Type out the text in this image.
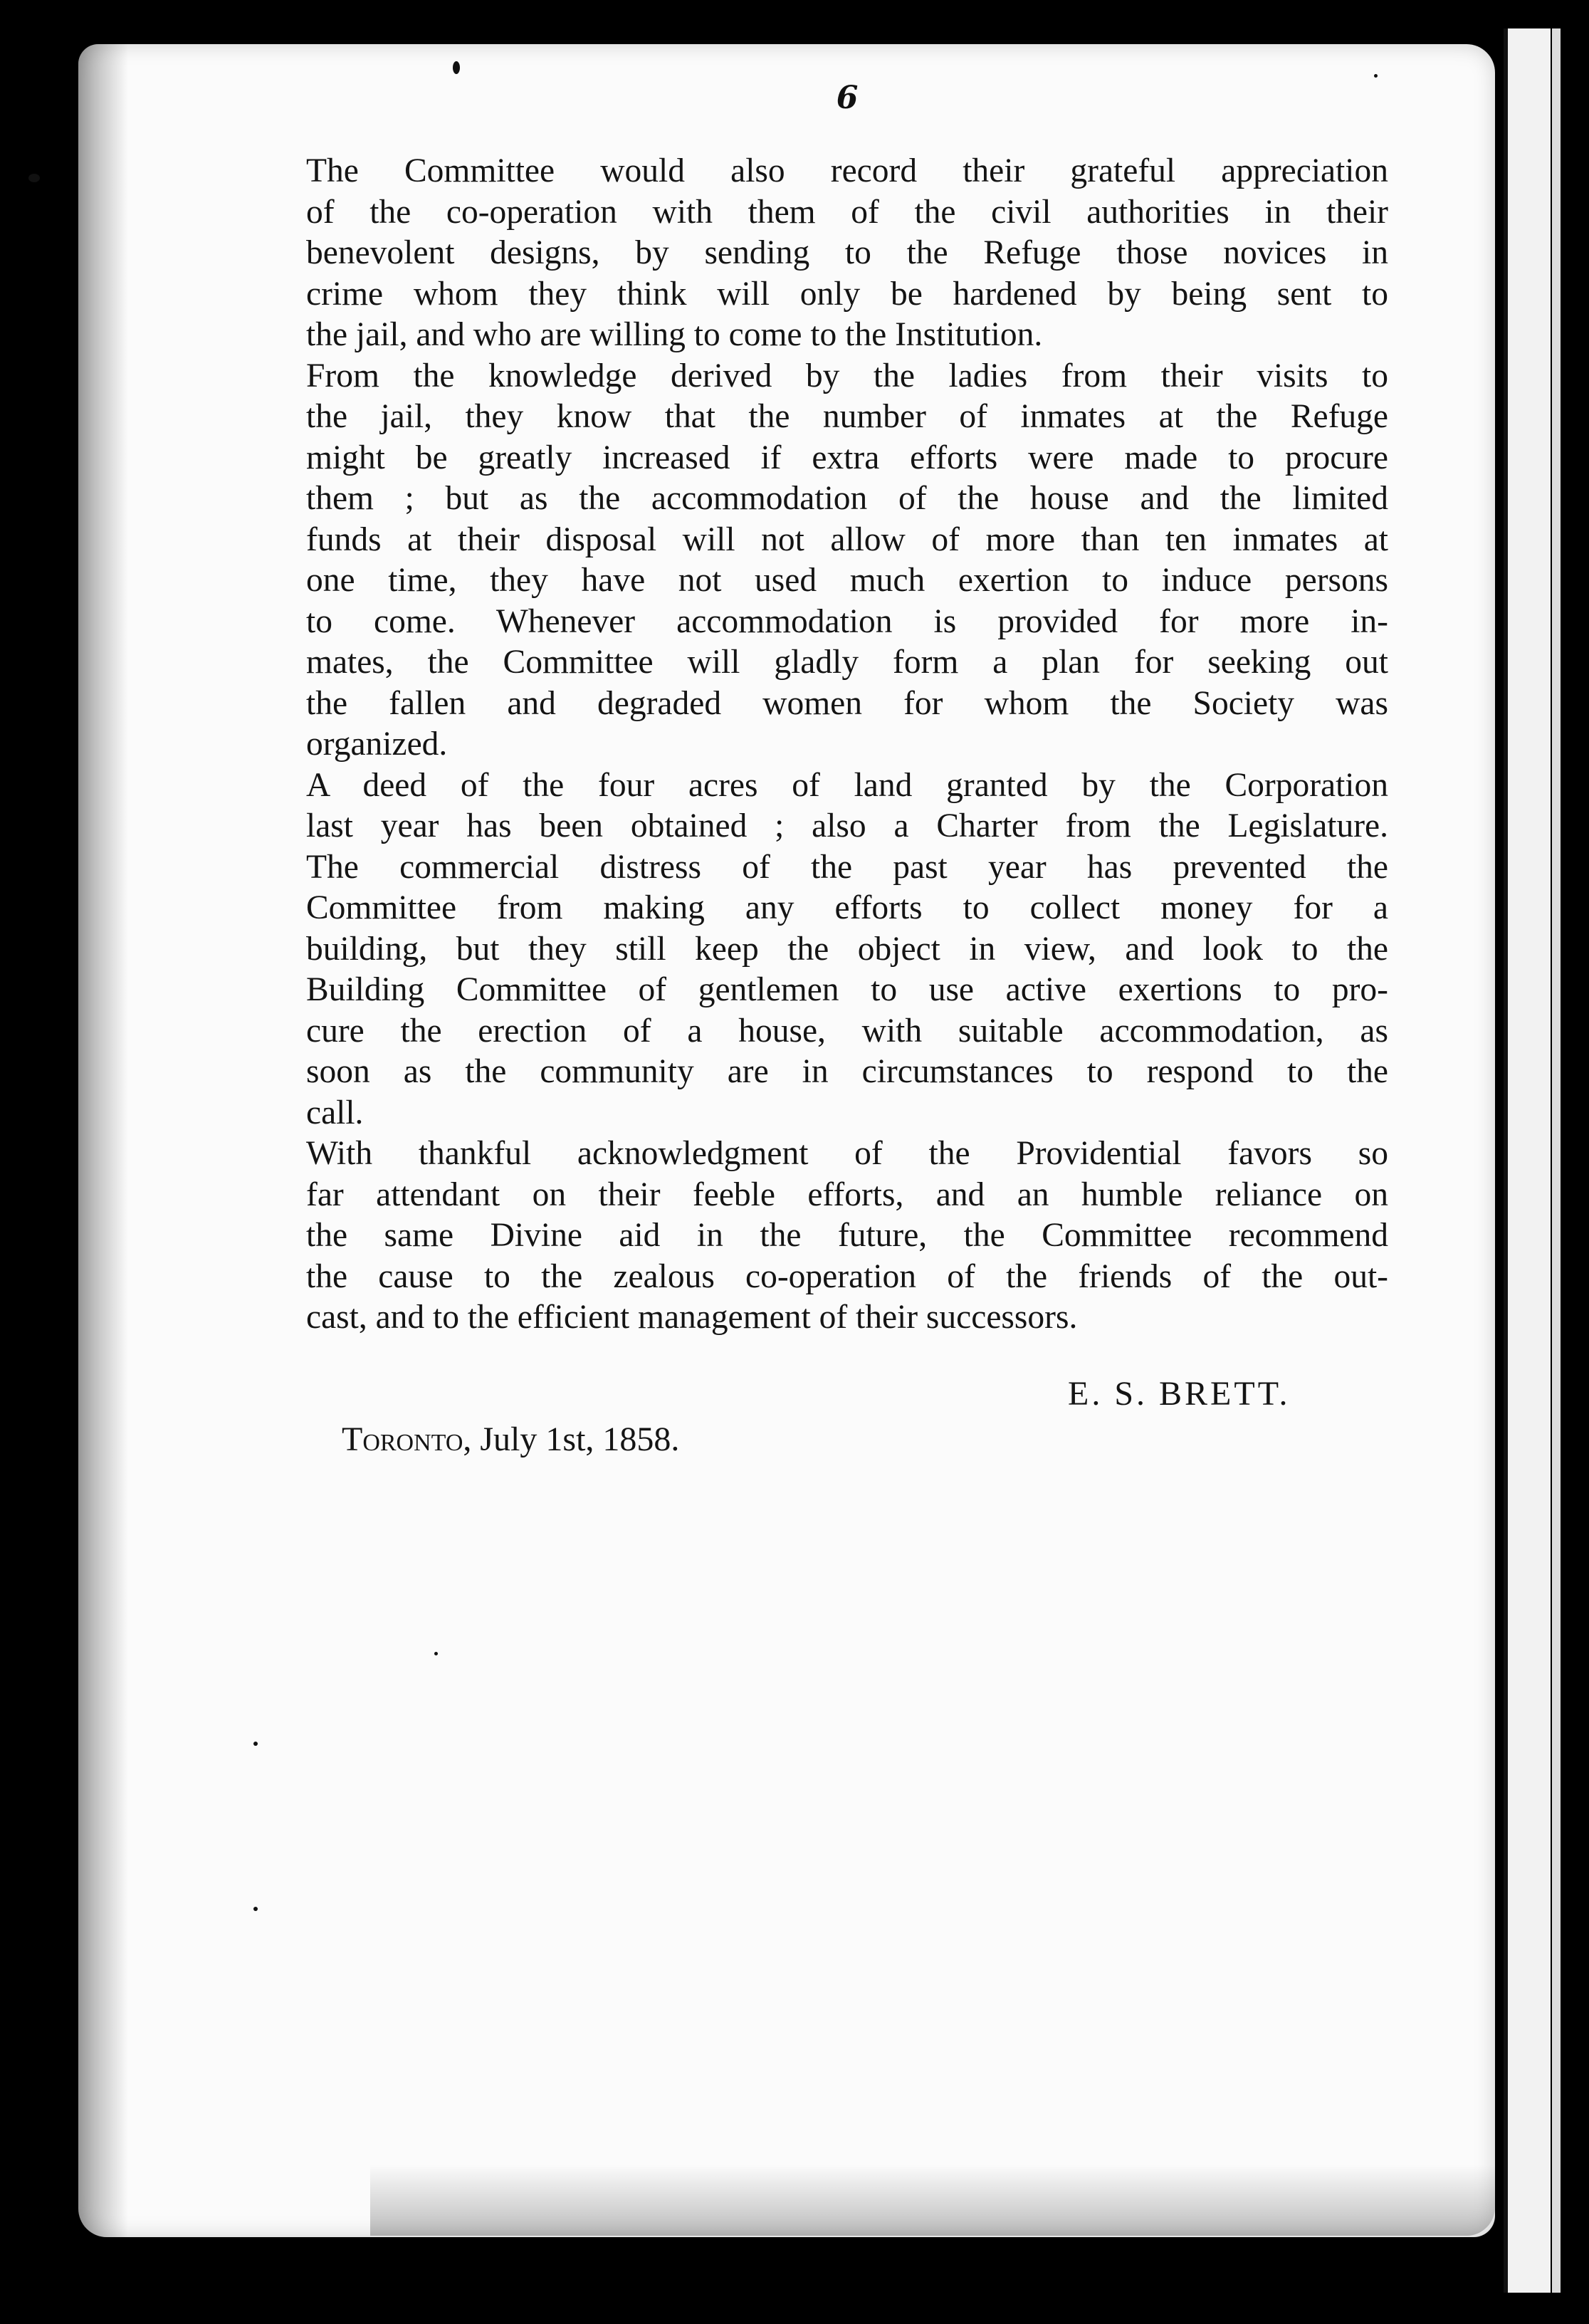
6
The Committee would also record their grateful appreciation
of the co-operation with them of the civil authorities in their
benevolent designs, by sending to the Refuge those novices in
crime whom they think will only be hardened by being sent to
the jail, and who are willing to come to the Institution.
From the knowledge derived by the ladies from their visits to
the jail, they know that the number of inmates at the Refuge
might be greatly increased if extra efforts were made to procure
them ; but as the accommodation of the house and the limited
funds at their disposal will not allow of more than ten inmates at
one time, they have not used much exertion to induce persons
to come. Whenever accommodation is provided for more in-
mates, the Committee will gladly form a plan for seeking out
the fallen and degraded women for whom the Society was
organized.
A deed of the four acres of land granted by the Corporation
last year has been obtained ; also a Charter from the Legislature.
The commercial distress of the past year has prevented the
Committee from making any efforts to collect money for a
building, but they still keep the object in view, and look to the
Building Committee of gentlemen to use active exertions to pro-
cure the erection of a house, with suitable accommodation, as
soon as the community are in circumstances to respond to the
call.
With thankful acknowledgment of the Providential favors so
far attendant on their feeble efforts, and an humble reliance on
the same Divine aid in the future, the Committee recommend
the cause to the zealous co-operation of the friends of the out-
cast, and to the efficient management of their successors.
E. S. BRETT.
Toronto, July 1st, 1858.
